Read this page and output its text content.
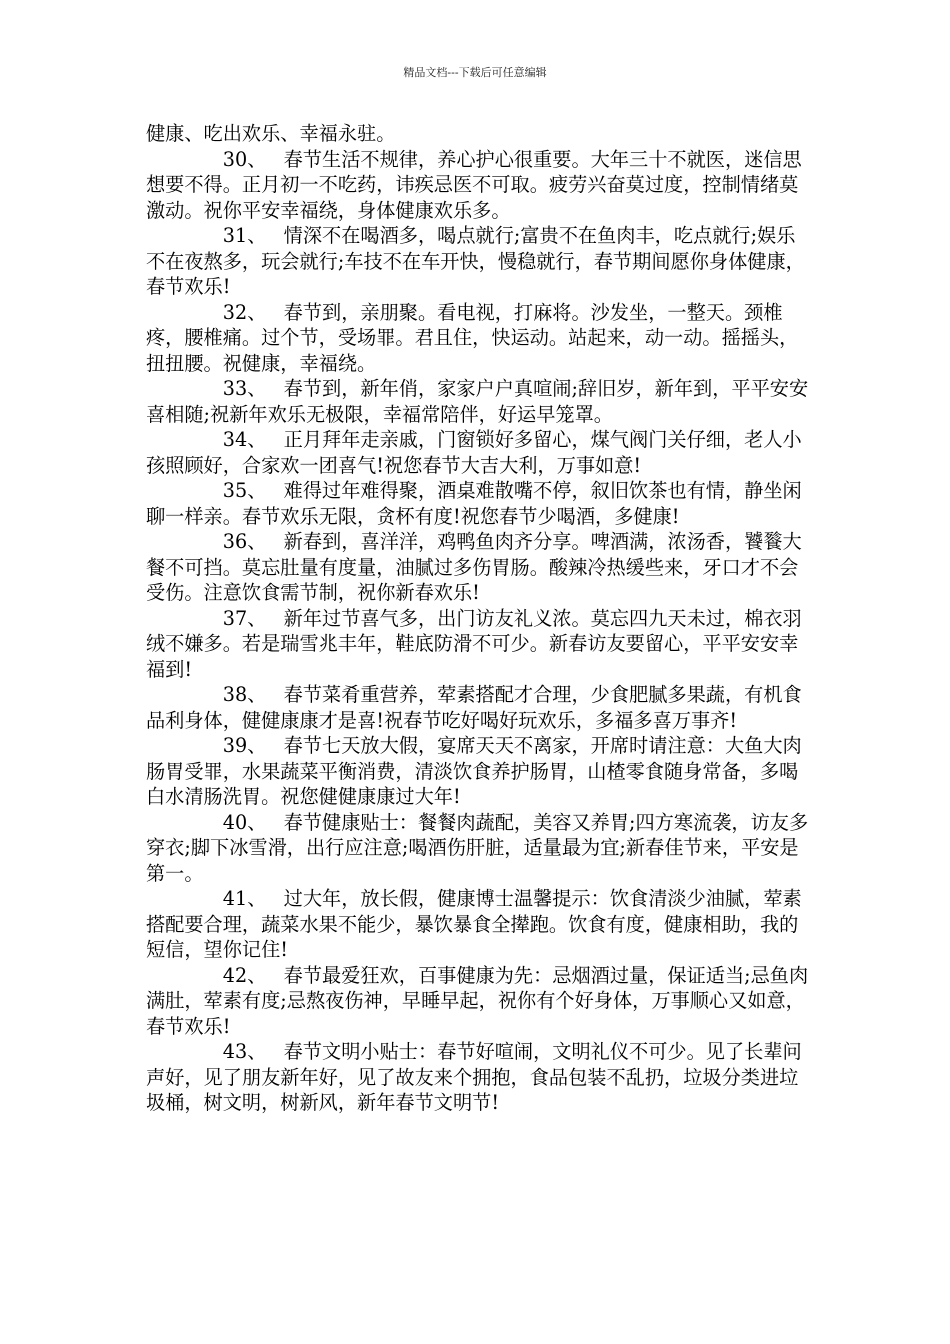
精品文档---下载后可任意编辑

健康、吃出欢乐、幸福永驻。

30、 春节生活不规律，养心护心很重要。大年三十不就医，迷信思想要不得。正月初一不吃药，讳疾忌医不可取。疲劳兴奋莫过度，控制情绪莫激动。祝你平安幸福绕，身体健康欢乐多。

31、 情深不在喝酒多，喝点就行;富贵不在鱼肉丰，吃点就行;娱乐不在夜熬多，玩会就行;车技不在车开快，慢稳就行，春节期间愿你身体健康，春节欢乐!

32、 春节到，亲朋聚。看电视，打麻将。沙发坐，一整天。颈椎疼，腰椎痛。过个节，受场罪。君且住，快运动。站起来，动一动。摇摇头，扭扭腰。祝健康，幸福绕。

33、 春节到，新年俏，家家户户真喧闹;辞旧岁，新年到，平平安安喜相随;祝新年欢乐无极限，幸福常陪伴，好运早笼罩。

34、 正月拜年走亲戚，门窗锁好多留心，煤气阀门关仔细，老人小孩照顾好，合家欢一团喜气!祝您春节大吉大利，万事如意!

35、 难得过年难得聚，酒桌难散嘴不停，叙旧饮茶也有情，静坐闲聊一样亲。春节欢乐无限，贪杯有度!祝您春节少喝酒，多健康!

36、 新春到，喜洋洋，鸡鸭鱼肉齐分享。啤酒满，浓汤香，饕餮大餐不可挡。莫忘肚量有度量，油腻过多伤胃肠。酸辣冷热缓些来，牙口才不会受伤。注意饮食需节制，祝你新春欢乐!

37、 新年过节喜气多，出门访友礼义浓。莫忘四九天未过，棉衣羽绒不嫌多。若是瑞雪兆丰年，鞋底防滑不可少。新春访友要留心，平平安安幸福到!

38、 春节菜肴重营养，荤素搭配才合理，少食肥腻多果蔬，有机食品利身体，健健康康才是喜!祝春节吃好喝好玩欢乐，多福多喜万事齐!

39、 春节七天放大假，宴席天天不离家，开席时请注意：大鱼大肉肠胃受罪，水果蔬菜平衡消费，清淡饮食养护肠胃，山楂零食随身常备，多喝白水清肠洗胃。祝您健健康康过大年!

40、 春节健康贴士：餐餐肉蔬配，美容又养胃;四方寒流袭，访友多穿衣;脚下冰雪滑，出行应注意;喝酒伤肝脏，适量最为宜;新春佳节来，平安是第一。

41、 过大年，放长假，健康博士温馨提示：饮食清淡少油腻，荤素搭配要合理，蔬菜水果不能少，暴饮暴食全撵跑。饮食有度，健康相助，我的短信，望你记住!

42、 春节最爱狂欢，百事健康为先：忌烟酒过量，保证适当;忌鱼肉满肚，荤素有度;忌熬夜伤神，早睡早起，祝你有个好身体，万事顺心又如意，春节欢乐!

43、 春节文明小贴士：春节好喧闹，文明礼仪不可少。见了长辈问声好，见了朋友新年好，见了故友来个拥抱，食品包装不乱扔，垃圾分类进垃圾桶，树文明，树新风，新年春节文明节!
